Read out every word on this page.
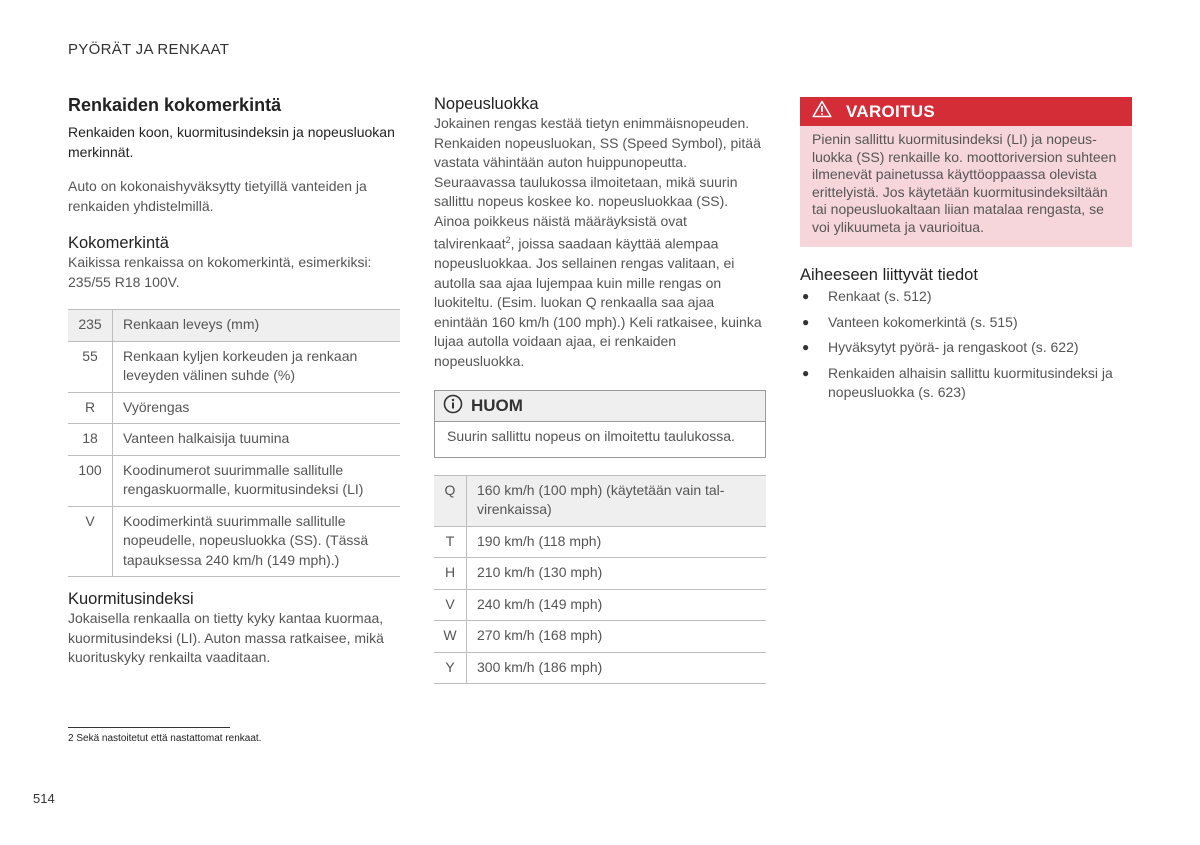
PYÖRÄT JA RENKAAT
Renkaiden kokomerkintä

Renkaiden koon, kuormitusindeksin ja nopeusluokan merkinnät.

Auto on kokonaishyväksytty tietyillä vanteiden ja renkaiden yhdistelmillä.

Kokomerkintä

Kaikissa renkaissa on kokomerkintä, esimerkiksi: 235/55 R18 100V.

235	Renkaan leveys (mm)
55	Renkaan kyljen korkeuden ja renkaan leveyden välinen suhde (%)
R	Vyörengas
18	Vanteen halkaisija tuumina
100	Koodinumerot suurimmalle sallitulle rengaskuormalle, kuormitusindeksi (LI)
V	Koodimerkintä suurimmalle sallitulle nopeudelle, nopeusluokka (SS). (Tässä tapauksessa 240 km/h (149 mph).)
Kuormitusindeksi

Jokaisella renkaalla on tietty kyky kantaa kuormaa, kuormitusindeksi (LI). Auton massa ratkaisee, mikä kuorituskyky renkailta vaaditaan.

Nopeusluokka

Jokainen rengas kestää tietyn enimmäisnopeuden. Renkaiden nopeusluokan, SS (Speed Symbol), pitää vastata vähintään auton huippunopeutta. Seuraavassa taulukossa ilmoitetaan, mikä suurin sallittu nopeus koskee ko. nopeusluokkaa (SS). Ainoa poikkeus näistä määräyksistä ovat talvirenkaat$^2$, joissa saadaan käyttää alempaa nopeusluokkaa. Jos sellainen rengas valitaan, ei autolla saa ajaa lujempaa kuin mille rengas on luokiteltu. (Esim. luokan Q renkaalla saa ajaa enintään 160 km/h (100 mph).) Keli ratkaisee, kuinka lujaa autolla voidaan ajaa, ei renkaiden nopeusluokka.

HUOM
Suurin sallittu nopeus on ilmoitettu taulukossa.
Q	160 km/h (100 mph) (käytetään vain talvirenkaissa)
T	190 km/h (118 mph)
H	210 km/h (130 mph)
V	240 km/h (149 mph)
W	270 km/h (168 mph)
Y	300 km/h (186 mph)
VAROITUS
Pienin sallittu kuormitusindeksi (LI) ja nopeusluokka (SS) renkaille ko. moottoriversion suhteen ilmenevät painetussa käyttöoppaassa olevista erittelyistä. Jos käytetään kuormitusindeksiltään tai nopeusluokaltaan liian matalaa rengasta, se voi ylikuumeta ja vaurioitua.
Aiheeseen liittyvät tiedot
● Renkaat (s. 512)
● Vanteen kokomerkintä (s. 515)
● Hyväksytyt pyörä- ja rengaskoot (s. 622)
● Renkaiden alhaisin sallittu kuormitusindeksi ja nopeusluokka (s. 623)
2 Sekä nastoitetut että nastattomat renkaat.
514
